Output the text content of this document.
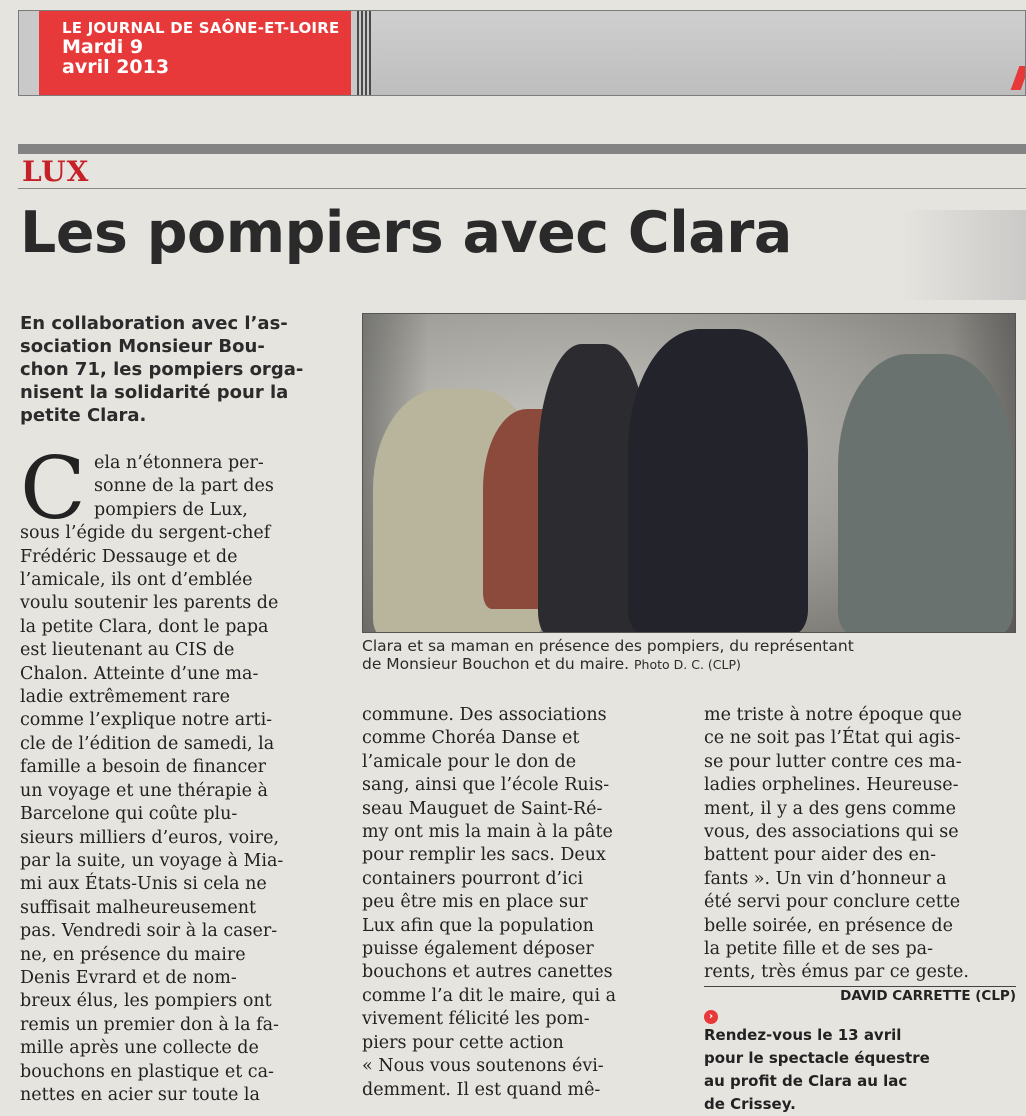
LE JOURNAL DE SAÔNE-ET-LOIRE
Mardi 9
avril 2013
LUX
Les pompiers avec Clara
En collaboration avec l’as-
sociation Monsieur Bou-
chon 71, les pompiers orga-
nisent la solidarité pour la
petite Clara.
C ela n’étonnera per-
sonne de la part des
pompiers de Lux,
sous l’égide du sergent-chef
Frédéric Dessauge et de
l’amicale, ils ont d’emblée
voulu soutenir les parents de
la petite Clara, dont le papa
est lieutenant au CIS de
Chalon. Atteinte d’une ma-
ladie extrêmement rare
comme l’explique notre arti-
cle de l’édition de samedi, la
famille a besoin de financer
un voyage et une thérapie à
Barcelone qui coûte plu-
sieurs milliers d’euros, voire,
par la suite, un voyage à Mia-
mi aux États-Unis si cela ne
suffisait malheureusement
pas. Vendredi soir à la caser-
ne, en présence du maire
Denis Evrard et de nom-
breux élus, les pompiers ont
remis un premier don à la fa-
mille après une collecte de
bouchons en plastique et ca-
nettes en acier sur toute la
Clara et sa maman en présence des pompiers, du représentant
de Monsieur Bouchon et du maire. Photo D. C. (CLP)
commune. Des associations
comme Choréa Danse et
l’amicale pour le don de
sang, ainsi que l’école Ruis-
seau Mauguet de Saint-Ré-
my ont mis la main à la pâte
pour remplir les sacs. Deux
containers pourront d’ici
peu être mis en place sur
Lux afin que la population
puisse également déposer
bouchons et autres canettes
comme l’a dit le maire, qui a
vivement félicité les pom-
piers pour cette action
« Nous vous soutenons évi-
demment. Il est quand mê-
me triste à notre époque que
ce ne soit pas l’État qui agis-
se pour lutter contre ces ma-
ladies orphelines. Heureuse-
ment, il y a des gens comme
vous, des associations qui se
battent pour aider des en-
fants ». Un vin d’honneur a
été servi pour conclure cette
belle soirée, en présence de
la petite fille et de ses pa-
rents, très émus par ce geste.
DAVID CARRETTE (CLP)
›
Rendez-vous le 13 avril
pour le spectacle équestre
au profit de Clara au lac
de Crissey.
